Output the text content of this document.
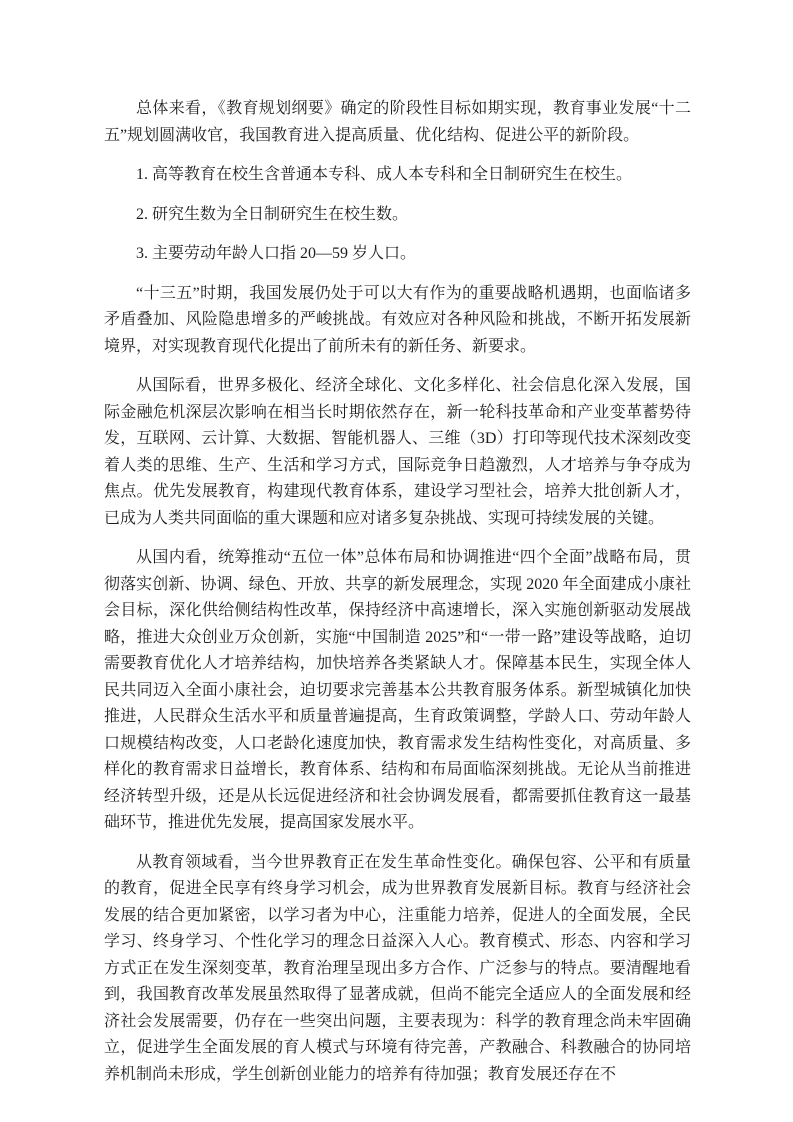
总体来看，《教育规划纲要》确定的阶段性目标如期实现，教育事业发展“十二五”规划圆满收官，我国教育进入提高质量、优化结构、促进公平的新阶段。

1. 高等教育在校生含普通本专科、成人本专科和全日制研究生在校生。

2. 研究生数为全日制研究生在校生数。

3. 主要劳动年龄人口指 20—59 岁人口。

“十三五”时期，我国发展仍处于可以大有作为的重要战略机遇期，也面临诸多矛盾叠加、风险隐患增多的严峻挑战。有效应对各种风险和挑战，不断开拓发展新境界，对实现教育现代化提出了前所未有的新任务、新要求。

从国际看，世界多极化、经济全球化、文化多样化、社会信息化深入发展，国际金融危机深层次影响在相当长时期依然存在，新一轮科技革命和产业变革蓄势待发，互联网、云计算、大数据、智能机器人、三维（3D）打印等现代技术深刻改变着人类的思维、生产、生活和学习方式，国际竞争日趋激烈，人才培养与争夺成为焦点。优先发展教育，构建现代教育体系，建设学习型社会，培养大批创新人才，已成为人类共同面临的重大课题和应对诸多复杂挑战、实现可持续发展的关键。

从国内看，统筹推动“五位一体”总体布局和协调推进“四个全面”战略布局，贯彻落实创新、协调、绿色、开放、共享的新发展理念，实现 2020 年全面建成小康社会目标，深化供给侧结构性改革，保持经济中高速增长，深入实施创新驱动发展战略，推进大众创业万众创新，实施“中国制造 2025”和“一带一路”建设等战略，迫切需要教育优化人才培养结构，加快培养各类紧缺人才。保障基本民生，实现全体人民共同迈入全面小康社会，迫切要求完善基本公共教育服务体系。新型城镇化加快推进，人民群众生活水平和质量普遍提高，生育政策调整，学龄人口、劳动年龄人口规模结构改变，人口老龄化速度加快，教育需求发生结构性变化，对高质量、多样化的教育需求日益增长，教育体系、结构和布局面临深刻挑战。无论从当前推进经济转型升级，还是从长远促进经济和社会协调发展看，都需要抓住教育这一最基础环节，推进优先发展，提高国家发展水平。

从教育领域看，当今世界教育正在发生革命性变化。确保包容、公平和有质量的教育，促进全民享有终身学习机会，成为世界教育发展新目标。教育与经济社会发展的结合更加紧密，以学习者为中心，注重能力培养，促进人的全面发展，全民学习、终身学习、个性化学习的理念日益深入人心。教育模式、形态、内容和学习方式正在发生深刻变革，教育治理呈现出多方合作、广泛参与的特点。要清醒地看到，我国教育改革发展虽然取得了显著成就，但尚不能完全适应人的全面发展和经济社会发展需要，仍存在一些突出问题，主要表现为：科学的教育理念尚未牢固确立，促进学生全面发展的育人模式与环境有待完善，产教融合、科教融合的协同培养机制尚未形成，学生创新创业能力的培养有待加强；教育发展还存在不
